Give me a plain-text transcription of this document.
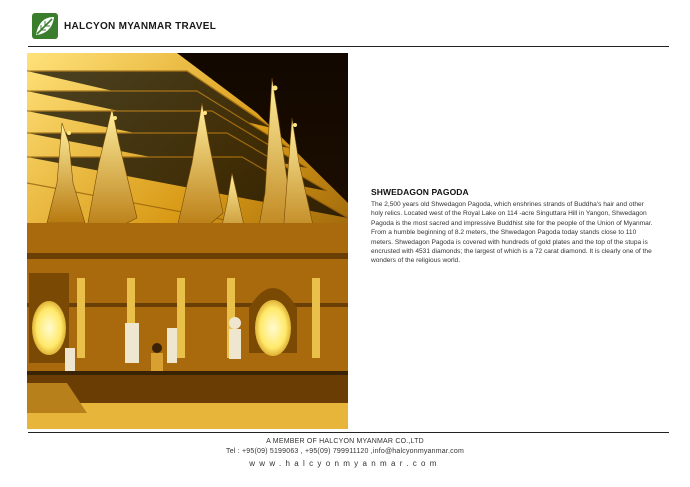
HALCYON MYANMAR TRAVEL
SHWEDAGON PAGODA

The 2,500 years old Shwedagon Pagoda, which enshrines strands of Buddha's hair and other holy relics. Located west of the Royal Lake on 114 -acre Singuttara Hill in Yangon, Shwedagon Pagoda is the most sacred and impressive Buddhist site for the people of the Union of Myanmar.

From a humble beginning of 8.2 meters, the Shwedagon Pagoda today stands close to 110 meters. Shwedagon Pagoda is covered with hundreds of gold plates and the top of the stupa is encrusted with 4531 diamonds; the largest of which is a 72 carat diamond. It is clearly one of the wonders of the religious world.

A MEMBER OF HALCYON MYANMAR CO.,LTD
Tel : +95(09) 5199063 , +95(09) 799911120 ,info@halcyonmyanmar.com
www.halcyonmyanmar.com
